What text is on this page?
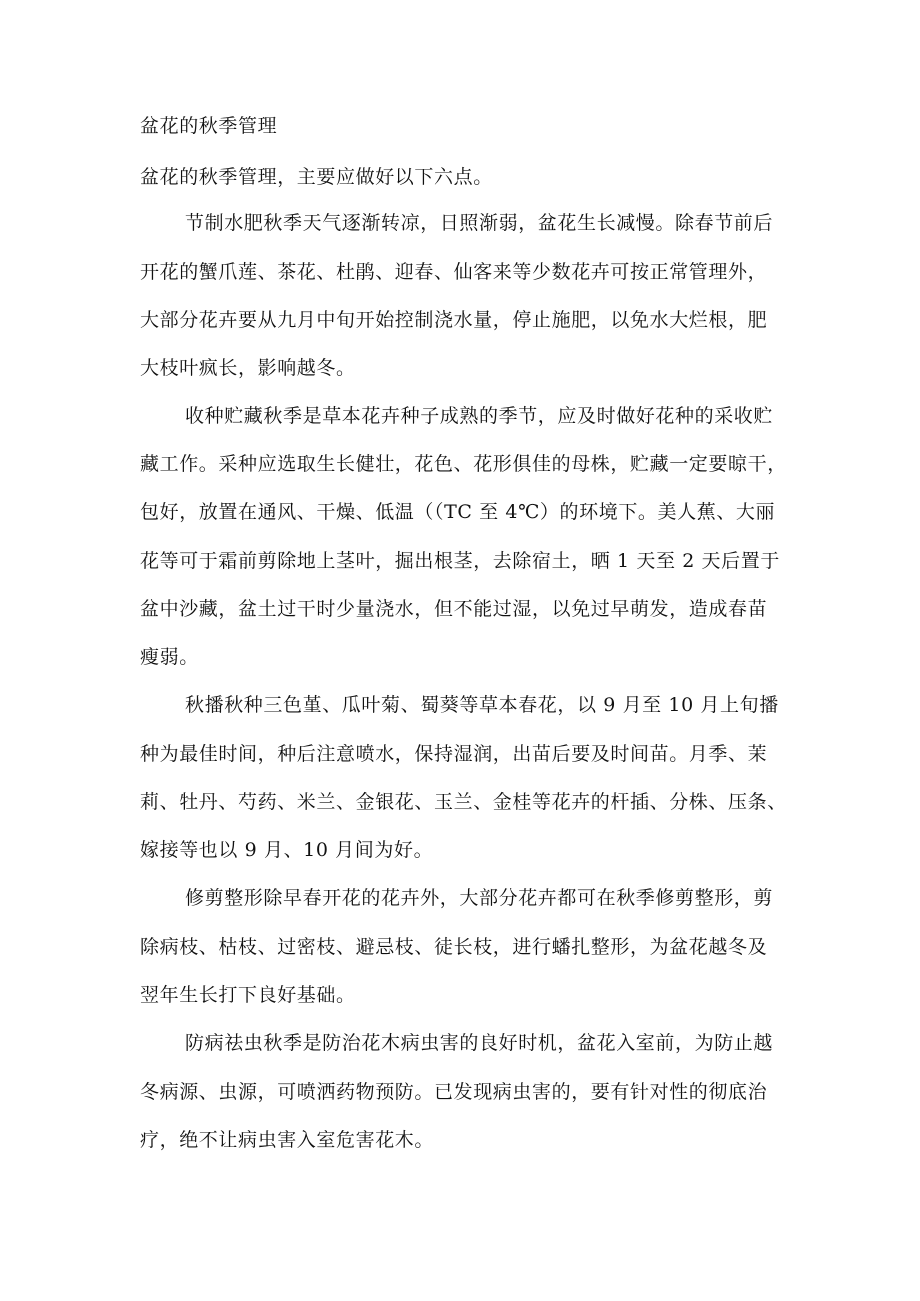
盆花的秋季管理
盆花的秋季管理，主要应做好以下六点。
节制水肥秋季天气逐渐转凉，日照渐弱，盆花生长减慢。除春节前后
开花的蟹爪莲、茶花、杜鹃、迎春、仙客来等少数花卉可按正常管理外，
大部分花卉要从九月中旬开始控制浇水量，停止施肥，以免水大烂根，肥
大枝叶疯长，影响越冬。
收种贮藏秋季是草本花卉种子成熟的季节，应及时做好花种的采收贮
藏工作。采种应选取生长健壮，花色、花形俱佳的母株，贮藏一定要晾干，
包好，放置在通风、干燥、低温（（TC 至 4℃）的环境下。美人蕉、大丽
花等可于霜前剪除地上茎叶，掘出根茎，去除宿土，晒 1 天至 2 天后置于
盆中沙藏，盆土过干时少量浇水，但不能过湿，以免过早萌发，造成春苗
瘦弱。
秋播秋种三色堇、瓜叶菊、蜀葵等草本春花，以 9 月至 10 月上旬播
种为最佳时间，种后注意喷水，保持湿润，出苗后要及时间苗。月季、茉
莉、牡丹、芍药、米兰、金银花、玉兰、金桂等花卉的杆插、分株、压条、
嫁接等也以 9 月、10 月间为好。
修剪整形除早春开花的花卉外，大部分花卉都可在秋季修剪整形，剪
除病枝、枯枝、过密枝、避忌枝、徒长枝，进行蟠扎整形，为盆花越冬及
翌年生长打下良好基础。
防病祛虫秋季是防治花木病虫害的良好时机，盆花入室前，为防止越
冬病源、虫源，可喷洒药物预防。已发现病虫害的，要有针对性的彻底治
疗，绝不让病虫害入室危害花木。
